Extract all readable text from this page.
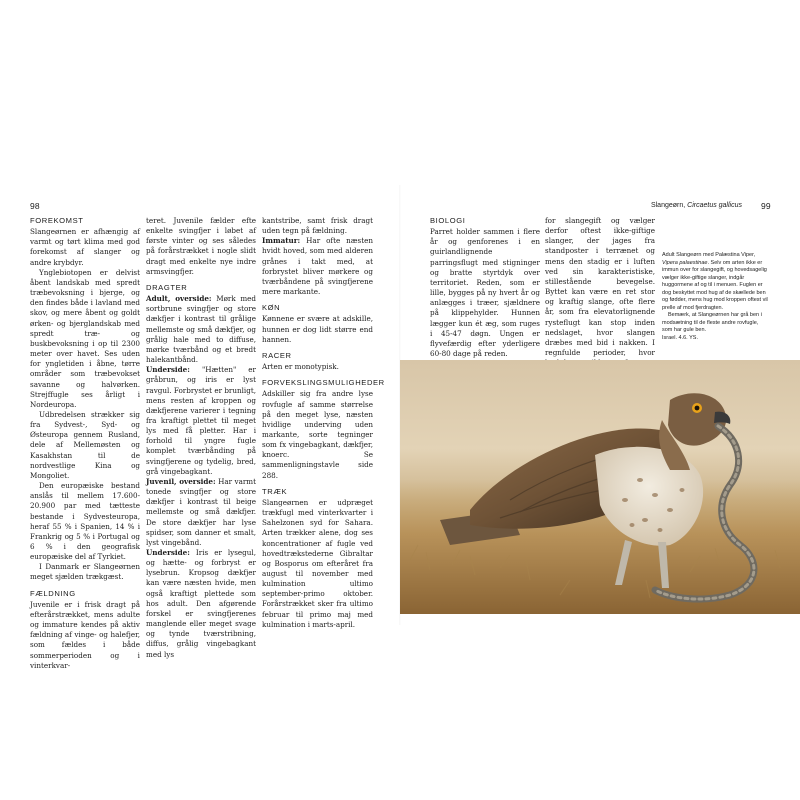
98
FOREKOMST

Slangeørnen er afhængig af varmt og tørt klima med god forekomst af slanger og andre krybdyr.

Ynglebiotopen er delvist åbent landskab med spredt træbevoksning i bjerge, og den findes både i lavland med skov, og mere åbent og goldt ørken- og bjerglandskab med spredt træ- og buskbevoksning i op til 2300 meter over havet. Ses uden for yngletiden i åbne, tørre områder som træbevokset savanne og halvørken. Strejffugle ses årligt i Nordeuropa.

Udbredelsen strækker sig fra Sydvest-, Syd- og Østeuropa gennem Rusland, dele af Mellemøsten og Kasakhstan til de nordvestlige Kina og Mongoliet.

Den europæiske bestand anslås til mellem 17.600-20.900 par med tætteste bestande i Sydvesteuropa, heraf 55 % i Spanien, 14 % i Frankrig og 5 % i Portugal og 6 % i den geografisk europæiske del af Tyrkiet.

I Danmark er Slangeørnen meget sjælden trækgæst.

FÆLDNING

Juvenile er i frisk dragt på efterårstrækket, mens adulte og immature kendes på aktiv fældning af vinge- og halefjer, som fældes i både sommerperioden og i vinterkvar-

teret. Juvenile fælder efte enkelte svingfjer i løbet af første vinter og ses således på forårstrækket i nogle slidt dragt med enkelte nye indre armsvingfjer.

DRAGTER

Adult, overside: Mørk med sortbrune svingfjer og store dækfjer i kontrast til grålige mellemste og små dækfjer, og grålig hale med to diffuse, mørke tværbånd og et bredt halekantbånd.

Underside: "Hætten" er gråbrun, og iris er lyst ravgul. Forbrystet er brunligt, mens resten af kroppen og dækfjerene varierer i tegning fra kraftigt plettet til meget lys med få pletter. Har i forhold til yngre fugle komplet tværbånding på svingfjerene og tydelig, bred, grå vingebagkant.

Juvenil, overside: Har varmt tonede svingfjer og store dækfjer i kontrast til beige mellemste og små dækfjer. De store dækfjer har lyse spidser, som danner et smalt, lyst vingebånd.

Underside: Iris er lysegul, og hætte- og forbryst er lysebrun. Kropsog dækfjer kan være næsten hvide, men også kraftigt plettede som hos adult. Den afgørende forskel er svingfjerenes manglende eller meget svage og tynde tværstribning, diffus, grålig vingebagkant med lys

kantstribe, samt frisk dragt uden tegn på fældning.

Immatur: Har ofte næsten hvidt hoved, som med alderen grånes i takt med, at forbrystet bliver mørkere og tværbåndene på svingfjerene mere markante.

KØN

Kønnene er svære at adskille, hunnen er dog lidt større end hannen.

RACER

Arten er monotypisk.

FORVEKSLINGSMULIGHEDER

Adskiller sig fra andre lyse rovfugle af samme størrelse på den meget lyse, næsten hvidlige underving uden markante, sorte tegninger som fx vingebagkant, dækfjer, knoerc. Se sammenligningstavle side 288.

TRÆK

Slangeørnen er udpræget trækfugl med vinterkvarter i Sahelzonen syd for Sahara. Arten trækker alene, dog ses koncentrationer af fugle ved hovedtrækstederne Gibraltar og Bosporus om efteråret fra august til november med kulmination ultimo september-primo oktober. Forårstrækket sker fra ultimo februar til primo maj med kulmination i marts-april.

Slangeørn, Circaetus gallicus 99
BIOLOGI

Parret holder sammen i flere år og genforenes i en guirlandlignende parringsflugt med stigninger og bratte styrtdyk over territoriet. Reden, som er lille, bygges på ny hvert år og anlægges i træer, sjældnere på klippehylder. Hunnen lægger kun ét æg, som ruges i 45-47 døgn. Ungen er flyvefærdig efter yderligere 60-80 dage på reden.

for slangegift og vælger derfor oftest ikke-giftige slanger, der jages fra standposter i terrænet og mens den stadig er i luften ved sin karakteristiske, stillestående bevegelse. Byttet kan være en ret stor og kraftig slange, ofte flere år, som fra elevatorlignende rysteflugt kan stop inden nedslaget, hvor slangen dræbes med bid i nakken. I regnfulde perioder, hvor

Adult Slangeørn med Palæstina Viper, Vipera palaestinae. Selv om arten ikke er immun over for slangegift, og hovedsagelig vælger ikke-giftige slanger, indgår huggormene af og til i menuen. Fuglen er dog beskyttet mod hug af de skællede ben og fødder, mens hug mod kroppen oftest vil prelle af mod fjerdragten.

Bemærk, at Slangeørnen har grå ben i modsætning til de fleste andre rovfugle, som har gule ben.

Israel. 4.6. YS.
